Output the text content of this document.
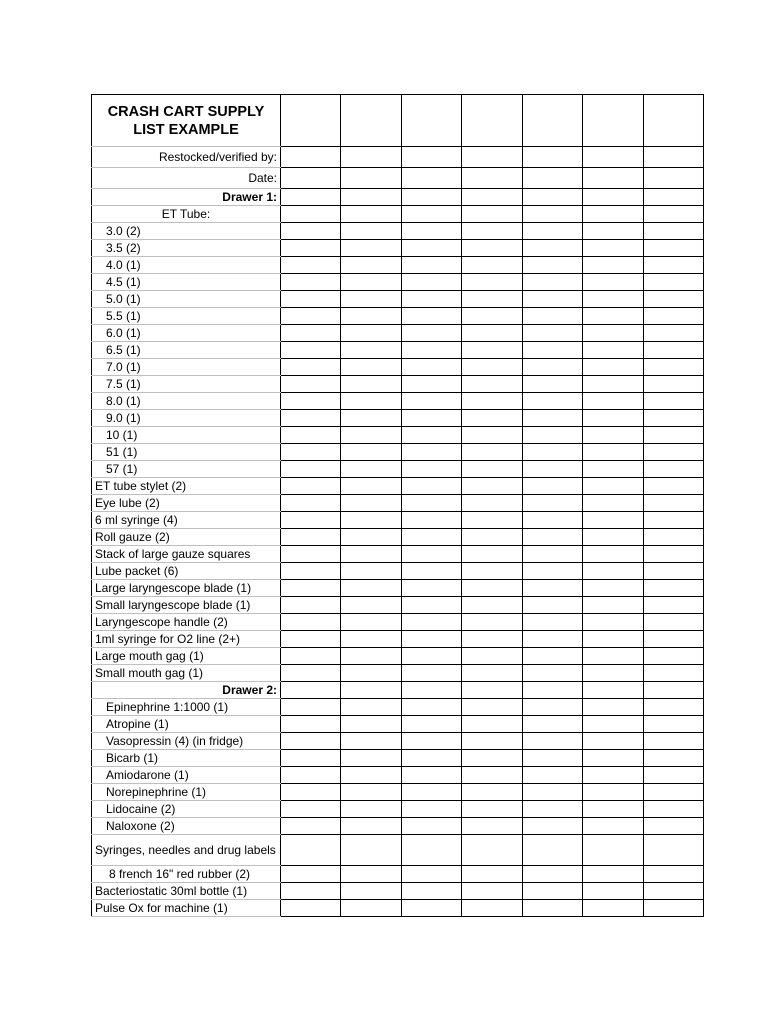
CRASH CART SUPPLY LIST EXAMPLE							
Restocked/verified by:							
Date:							
Drawer 1:							
ET Tube:							
3.0 (2)							
3.5 (2)							
4.0 (1)							
4.5 (1)							
5.0 (1)							
5.5 (1)							
6.0 (1)							
6.5 (1)							
7.0 (1)							
7.5 (1)							
8.0 (1)							
9.0 (1)							
10 (1)							
51 (1)							
57 (1)							
ET tube stylet (2)							
Eye lube (2)							
6 ml syringe (4)							
Roll gauze (2)							
Stack of large gauze squares							
Lube packet (6)							
Large laryngescope blade (1)							
Small laryngescope blade (1)							
Laryngescope handle (2)							
1ml syringe for O2 line (2+)							
Large mouth gag (1)							
Small mouth gag (1)							
Drawer 2:							
Epinephrine 1:1000 (1)							
Atropine (1)							
Vasopressin (4) (in fridge)							
Bicarb (1)							
Amiodarone (1)							
Norepinephrine (1)							
Lidocaine (2)							
Naloxone (2)							
Syringes, needles and drug labels							
8 french 16" red rubber (2)							
Bacteriostatic 30ml bottle (1)							
Pulse Ox for machine (1)							
